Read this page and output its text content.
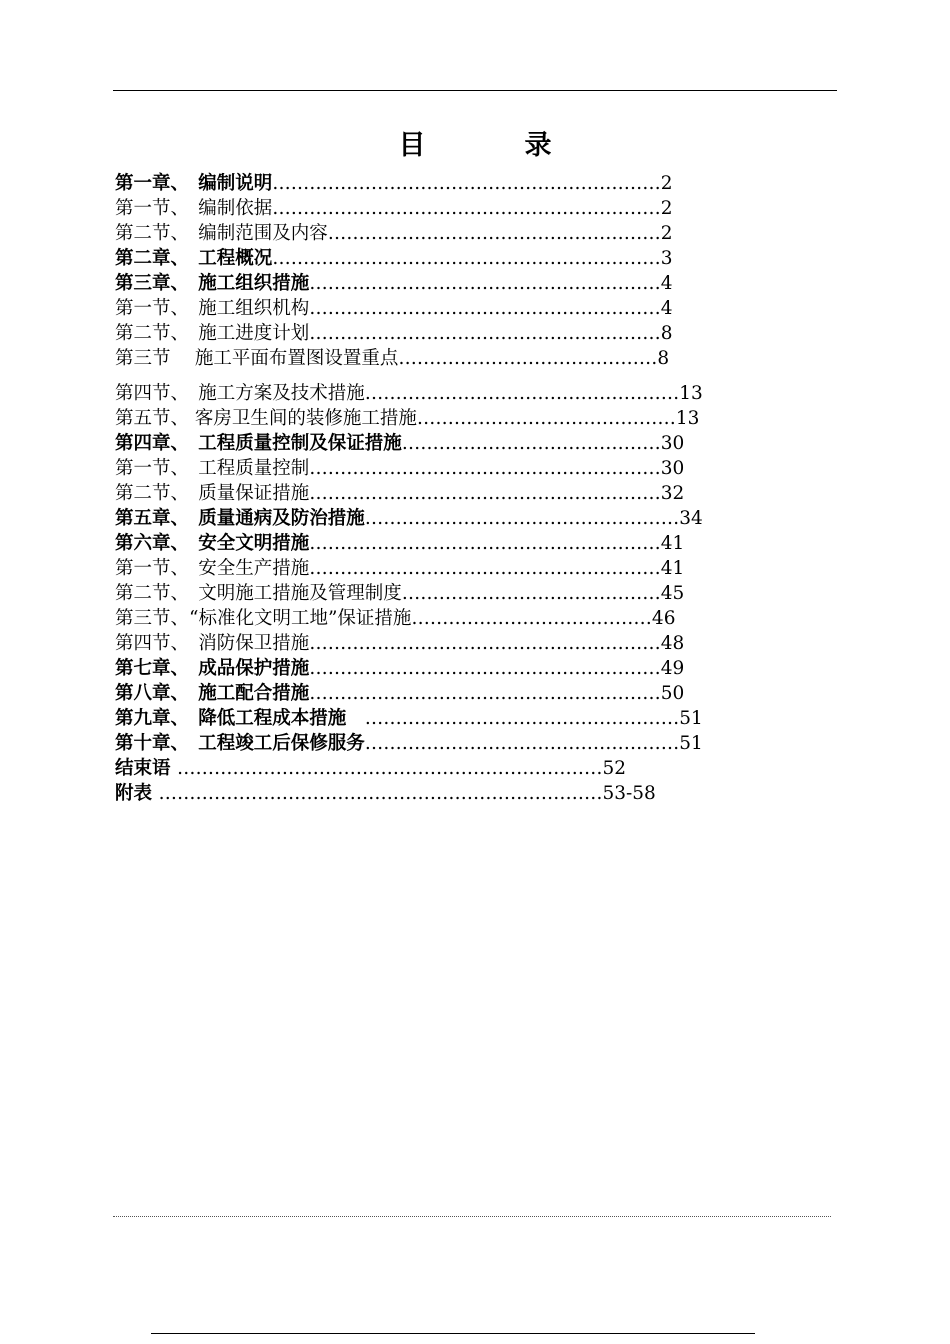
目　录
第一章、　编制说明………………………………………………………2
第一节、　编制依据………………………………………………………2
第二节、　编制范围及内容………………………………………………2
第二章、　工程概况………………………………………………………3
第三章、　施工组织措施…………………………………………………4
第一节、　施工组织机构…………………………………………………4
第二节、　施工进度计划…………………………………………………8
第三节　 施工平面布置图设置重点……………………………………8
第四节、　施工方案及技术措施……………………………………………13
第五节、 客房卫生间的装修施工措施……………………………………13
第四章、　工程质量控制及保证措施……………………………………30
第一节、　工程质量控制…………………………………………………30
第二节、　质量保证措施…………………………………………………32
第五章、　质量通病及防治措施……………………………………………34
第六章、　安全文明措施…………………………………………………41
第一节、　安全生产措施…………………………………………………41
第二节、　文明施工措施及管理制度……………………………………45
第三节、“标准化文明工地”保证措施…………………………………46
第四节、　消防保卫措施…………………………………………………48
第七章、　成品保护措施…………………………………………………49
第八章、　施工配合措施…………………………………………………50
第九章、　降低工程成本措施　……………………………………………51
第十章、　工程竣工后保修服务……………………………………………51
结束语 ……………………………………………………………52
附表 ………………………………………………………………53-58
